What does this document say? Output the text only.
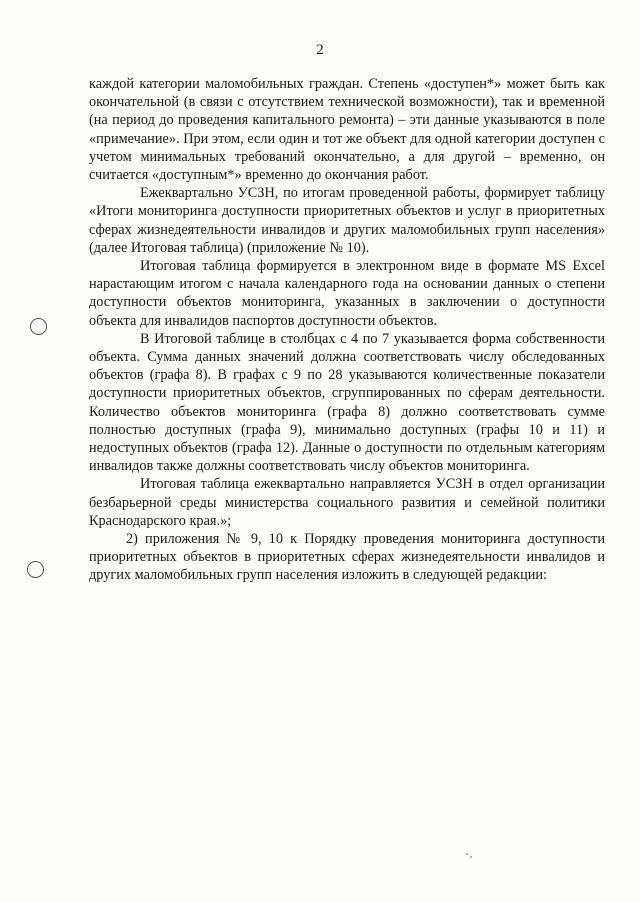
2

каждой категории маломобильных граждан. Степень «доступен*» может быть как окончательной (в связи с отсутствием технической возможности), так и временной (на период до проведения капитального ремонта) – эти данные указываются в поле «примечание». При этом, если один и тот же объект для одной категории доступен с учетом минимальных требований окончательно, а для другой – временно, он считается «доступным*» временно до окончания работ.

Ежеквартально УСЗН, по итогам проведенной работы, формирует таблицу «Итоги мониторинга доступности приоритетных объектов и услуг в приоритетных сферах жизнедеятельности инвалидов и других маломобильных групп населения» (далее Итоговая таблица) (приложение № 10).

Итоговая таблица формируется в электронном виде в формате MS Excel нарастающим итогом с начала календарного года на основании данных о степени доступности объектов мониторинга, указанных в заключении о доступности объекта для инвалидов паспортов доступности объектов.

В Итоговой таблице в столбцах с 4 по 7 указывается форма собственности объекта. Сумма данных значений должна соответствовать числу обследованных объектов (графа 8). В графах с 9 по 28 указываются количественные показатели доступности приоритетных объектов, сгруппированных по сферам деятельности. Количество объектов мониторинга (графа 8) должно соответствовать сумме полностью доступных (графа 9), минимально доступных (графы 10 и 11) и недоступных объектов (графа 12). Данные о доступности по отдельным категориям инвалидов также должны соответствовать числу объектов мониторинга.

Итоговая таблица ежеквартально направляется УСЗН в отдел организации безбарьерной среды министерства социального развития и семейной политики Краснодарского края.»;

2) приложения № 9, 10 к Порядку проведения мониторинга доступности приоритетных объектов в приоритетных сферах жизнедеятельности инвалидов и других маломобильных групп населения изложить в следующей редакции:
